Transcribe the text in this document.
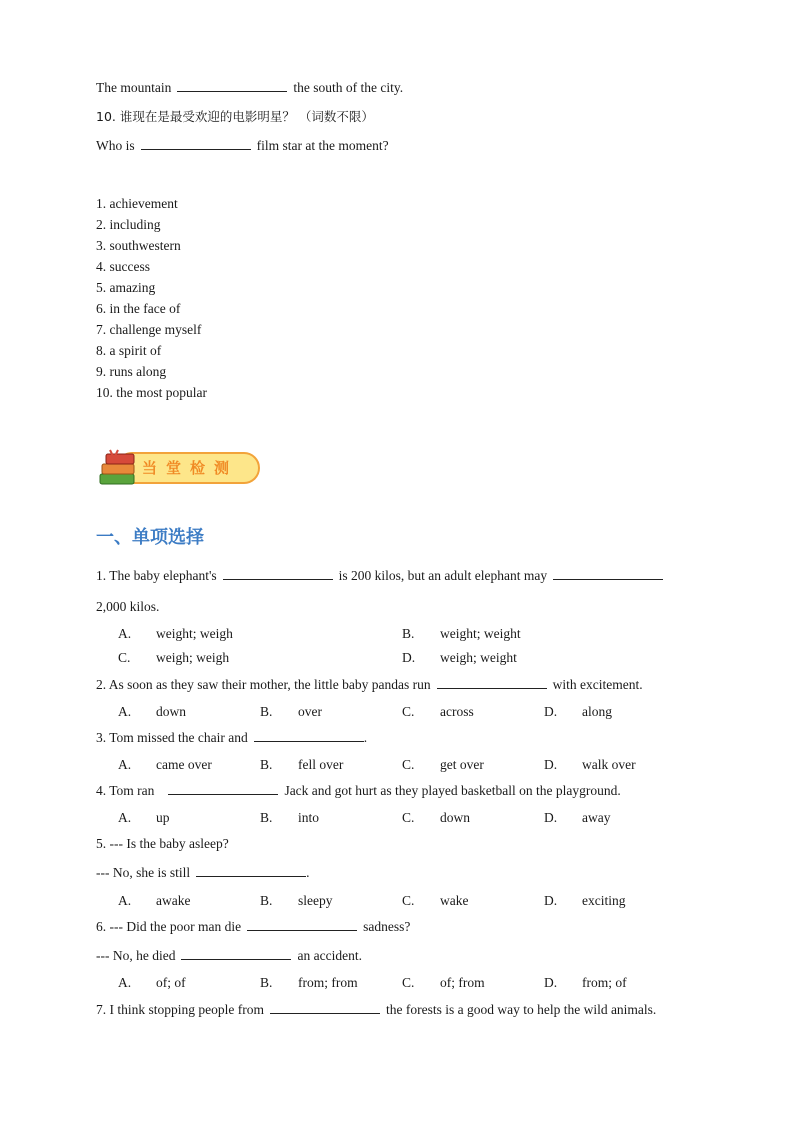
The mountain	the south of the city.
10. 谁现在是最受欢迎的电影明星？ （词数不限）
Who is	film star at the moment?
1. achievement
2. including
3. southwestern
4. success
5. amazing
6. in the face of
7. challenge myself
8. a spirit of
9. runs along
10. the most popular
当堂检测
一、单项选择
1. The baby elephant's	is 200 kilos, but an adult elephant may
2,000 kilos.
A. weight; weigh	B. weight; weight
C. weigh; weigh	D. weigh; weight
2. As soon as they saw their mother, the little baby pandas run	with excitement.
A. down	B. over	C. across	D. along
3. Tom missed the chair and	.
A. came over	B. fell over	C. get over	D. walk over
4. Tom ran	Jack and got hurt as they played basketball on the playground.
A. up	B. into	C. down	D. away
5. --- Is the baby asleep?
--- No, she is still	.
A. awake	B. sleepy	C. wake	D. exciting
6. --- Did the poor man die	sadness?
--- No, he died	an accident.
A. of; of	B. from; from	C. of; from	D. from; of
7. I think stopping people from	the forests is a good way to help the wild animals.
